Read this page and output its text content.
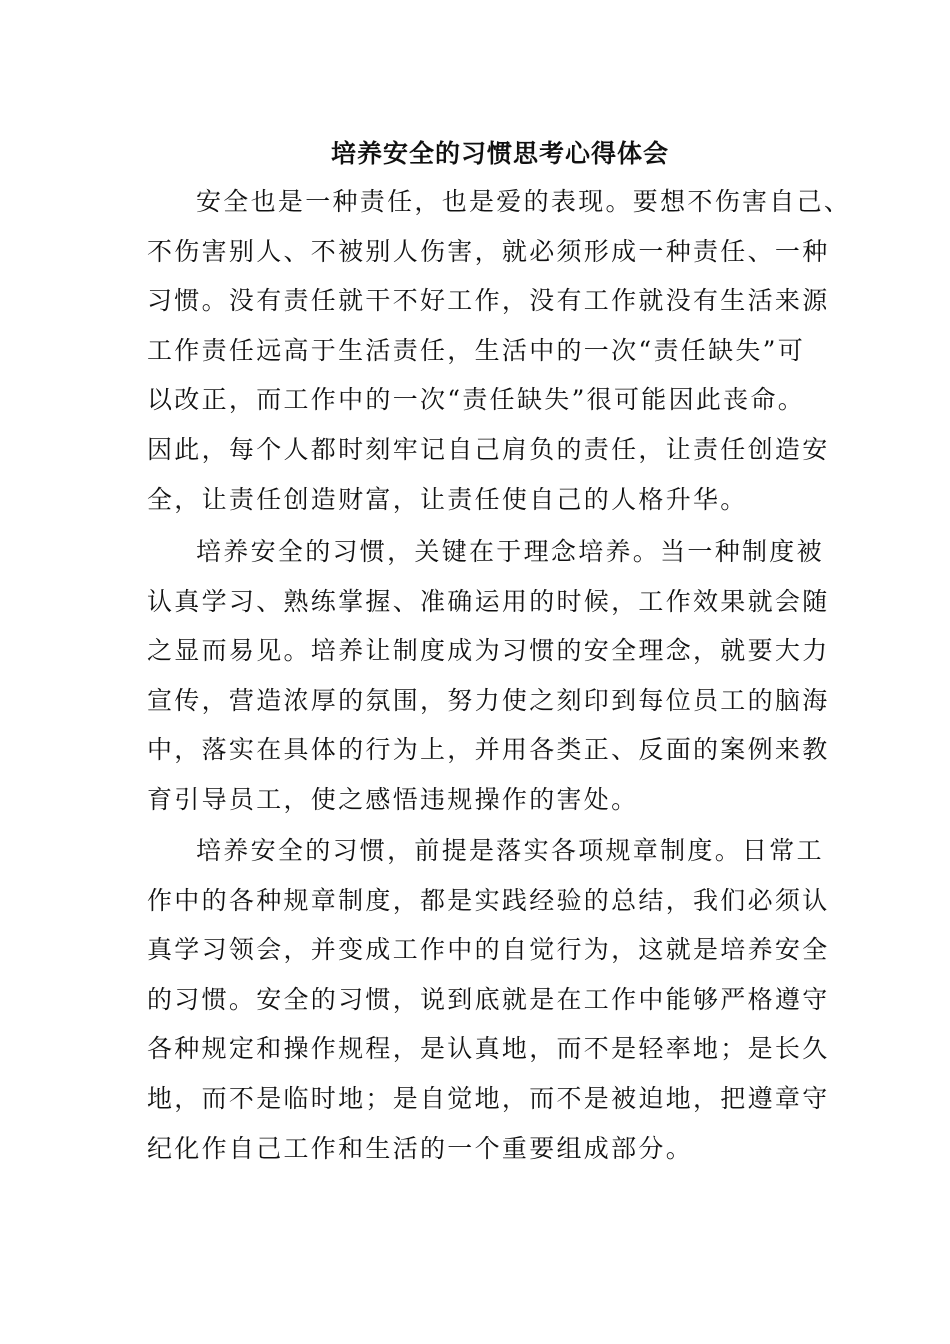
培养安全的习惯思考心得体会
安全也是一种责任，也是爱的表现。要想不伤害自己、
不伤害别人、不被别人伤害，就必须形成一种责任、一种
习惯。没有责任就干不好工作，没有工作就没有生活来源
工作责任远高于生活责任，生活中的一次“责任缺失”可
以改正，而工作中的一次“责任缺失”很可能因此丧命。
因此，每个人都时刻牢记自己肩负的责任，让责任创造安
全，让责任创造财富，让责任使自己的人格升华。
培养安全的习惯，关键在于理念培养。当一种制度被
认真学习、熟练掌握、准确运用的时候，工作效果就会随
之显而易见。培养让制度成为习惯的安全理念，就要大力
宣传，营造浓厚的氛围，努力使之刻印到每位员工的脑海
中，落实在具体的行为上，并用各类正、反面的案例来教
育引导员工，使之感悟违规操作的害处。
培养安全的习惯，前提是落实各项规章制度。日常工
作中的各种规章制度，都是实践经验的总结，我们必须认
真学习领会，并变成工作中的自觉行为，这就是培养安全
的习惯。安全的习惯，说到底就是在工作中能够严格遵守
各种规定和操作规程，是认真地，而不是轻率地；是长久
地，而不是临时地；是自觉地，而不是被迫地，把遵章守
纪化作自己工作和生活的一个重要组成部分。
